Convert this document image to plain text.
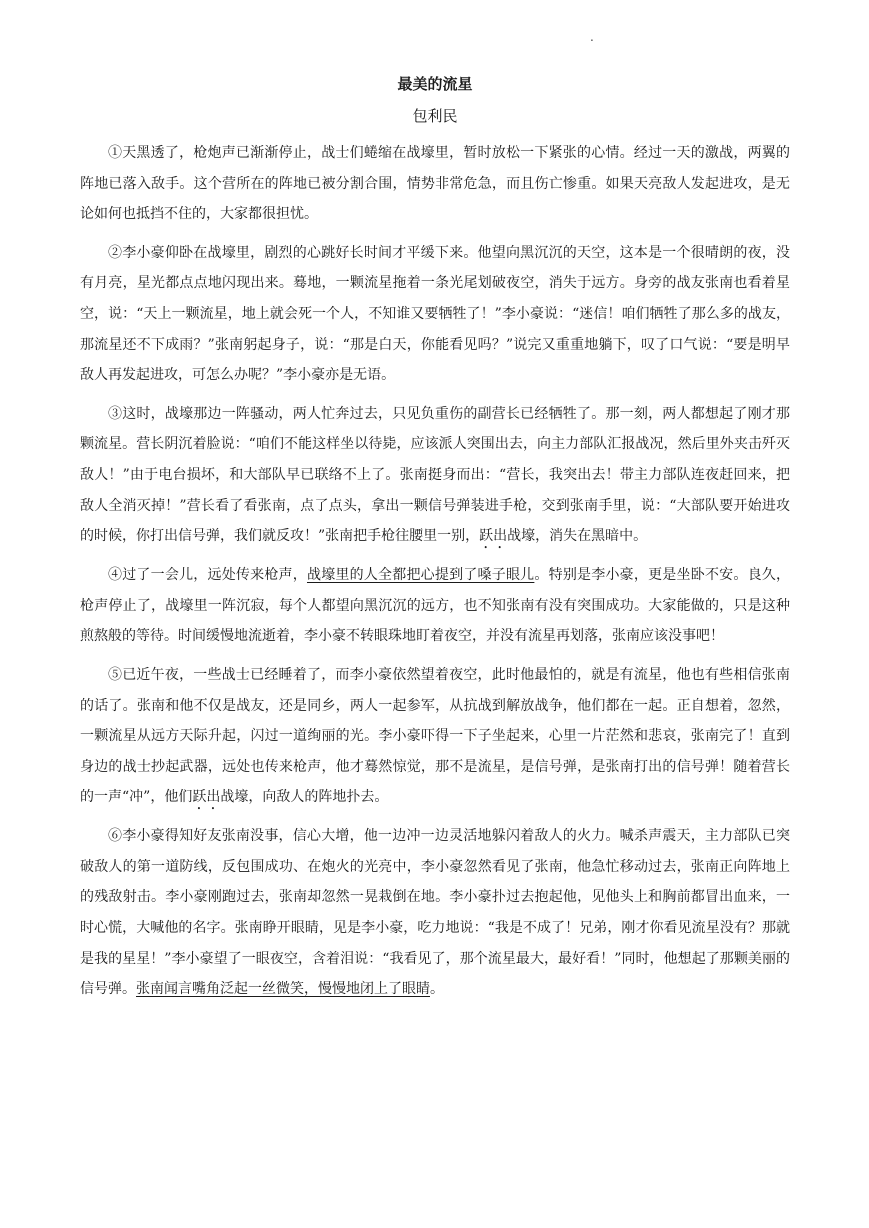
.
最美的流星
包利民

①天黑透了，枪炮声已渐渐停止，战士们蜷缩在战壕里，暂时放松一下紧张的心情。经过一天的激战，两翼的阵地已落入敌手。这个营所在的阵地已被分割合围，情势非常危急，而且伤亡惨重。如果天亮敌人发起进攻，是无论如何也抵挡不住的，大家都很担忧。

②李小豪仰卧在战壕里，剧烈的心跳好长时间才平缓下来。他望向黑沉沉的天空，这本是一个很晴朗的夜，没有月亮，星光都点点地闪现出来。蓦地，一颗流星拖着一条光尾划破夜空，消失于远方。身旁的战友张南也看着星空，说：“天上一颗流星，地上就会死一个人，不知谁又要牺牲了！”李小豪说：“迷信！咱们牺牲了那么多的战友，那流星还不下成雨？”张南躬起身子，说：“那是白天，你能看见吗？”说完又重重地躺下，叹了口气说：“要是明早敌人再发起进攻，可怎么办呢？”李小豪亦是无语。

③这时，战壕那边一阵骚动，两人忙奔过去，只见负重伤的副营长已经牺牲了。那一刻，两人都想起了刚才那颗流星。营长阴沉着脸说：“咱们不能这样坐以待毙，应该派人突围出去，向主力部队汇报战况，然后里外夹击歼灭敌人！”由于电台损坏，和大部队早已联络不上了。张南挺身而出：“营长，我突出去！带主力部队连夜赶回来，把敌人全消灭掉！”营长看了看张南，点了点头，拿出一颗信号弹装进手枪，交到张南手里，说：“大部队要开始进攻的时候，你打出信号弹，我们就反攻！”张南把手枪往腰里一别，跃出战壕，消失在黑暗中。

④过了一会儿，远处传来枪声，战壕里的人全都把心提到了嗓子眼儿。特别是李小豪，更是坐卧不安。良久，枪声停止了，战壕里一阵沉寂，每个人都望向黑沉沉的远方，也不知张南有没有突围成功。大家能做的，只是这种煎熬般的等待。时间缓慢地流逝着，李小豪不转眼珠地盯着夜空，并没有流星再划落，张南应该没事吧！

⑤已近午夜，一些战士已经睡着了，而李小豪依然望着夜空，此时他最怕的，就是有流星，他也有些相信张南的话了。张南和他不仅是战友，还是同乡，两人一起参军，从抗战到解放战争，他们都在一起。正自想着，忽然，一颗流星从远方天际升起，闪过一道绚丽的光。李小豪吓得一下子坐起来，心里一片茫然和悲哀，张南完了！直到身边的战士抄起武器，远处也传来枪声，他才蓦然惊觉，那不是流星，是信号弹，是张南打出的信号弹！随着营长的一声“冲”，他们跃出战壕，向敌人的阵地扑去。

⑥李小豪得知好友张南没事，信心大增，他一边冲一边灵活地躲闪着敌人的火力。喊杀声震天，主力部队已突破敌人的第一道防线，反包围成功、在炮火的光亮中，李小豪忽然看见了张南，他急忙移动过去，张南正向阵地上的残敌射击。李小豪刚跑过去，张南却忽然一晃栽倒在地。李小豪扑过去抱起他，见他头上和胸前都冒出血来，一时心慌，大喊他的名字。张南睁开眼睛，见是李小豪，吃力地说：“我是不成了！兄弟，刚才你看见流星没有？那就是我的星星！”李小豪望了一眼夜空，含着泪说：“我看见了，那个流星最大，最好看！”同时，他想起了那颗美丽的信号弹。张南闻言嘴角泛起一丝微笑，慢慢地闭上了眼睛。
